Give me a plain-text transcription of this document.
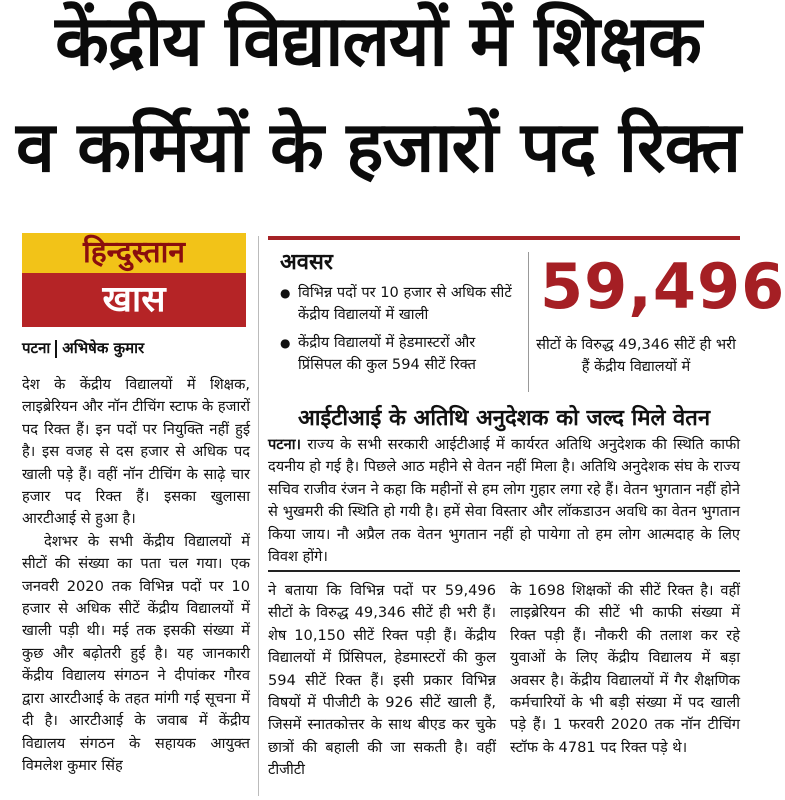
केंद्रीय विद्यालयों में शिक्षक
व कर्मियों के हजारों पद रिक्त
हिन्दुस्तान
खास
पटना अभिषेक कुमार

देश के केंद्रीय विद्यालयों में शिक्षक, लाइब्रेरियन और नॉन टीचिंग स्टाफ के हजारों पद रिक्त हैं। इन पदों पर नियुक्ति नहीं हुई है। इस वजह से दस हजार से अधिक पद खाली पड़े हैं। वहीं नॉन टीचिंग के साढ़े चार हजार पद रिक्त हैं। इसका खुलासा आरटीआई से हुआ है।

देशभर के सभी केंद्रीय विद्यालयों में सीटों की संख्या का पता चल गया। एक जनवरी 2020 तक विभिन्न पदों पर 10 हजार से अधिक सीटें केंद्रीय विद्यालयों में खाली पड़ी थी। मई तक इसकी संख्या में कुछ और बढ़ोतरी हुई है। यह जानकारी केंद्रीय विद्यालय संगठन ने दीपांकर गौरव द्वारा आरटीआई के तहत मांगी गई सूचना में दी है। आरटीआई के जवाब में केंद्रीय विद्यालय संगठन के सहायक आयुक्त विमलेश कुमार सिंह

अवसर
● विभिन्न पदों पर 10 हजार से अधिक सीटें केंद्रीय विद्यालयों में खाली
● केंद्रीय विद्यालयों में हेडमास्टरों और प्रिंसिपल की कुल 594 सीटें रिक्त
59,496
सीटों के विरुद्ध 49,346 सीटें ही भरी हैं केंद्रीय विद्यालयों में
आईटीआई के अतिथि अनुदेशक को जल्द मिले वेतन
पटना। राज्य के सभी सरकारी आईटीआई में कार्यरत अतिथि अनुदेशक की स्थिति काफी दयनीय हो गई है। पिछले आठ महीने से वेतन नहीं मिला है। अतिथि अनुदेशक संघ के राज्य सचिव राजीव रंजन ने कहा कि महीनों से हम लोग गुहार लगा रहे हैं। वेतन भुगतान नहीं होने से भुखमरी की स्थिति हो गयी है। हमें सेवा विस्तार और लॉकडाउन अवधि का वेतन भुगतान किया जाय। नौ अप्रैल तक वेतन भुगतान नहीं हो पायेगा तो हम लोग आत्मदाह के लिए विवश होंगे।

ने बताया कि विभिन्न पदों पर 59,496 सीटों के विरुद्ध 49,346 सीटें ही भरी हैं। शेष 10,150 सीटें रिक्त पड़ी हैं। केंद्रीय विद्यालयों में प्रिंसिपल, हेडमास्टरों की कुल 594 सीटें रिक्त हैं। इसी प्रकार विभिन्न विषयों में पीजीटी के 926 सीटें खाली हैं, जिसमें स्नातकोत्तर के साथ बीएड कर चुके छात्रों की बहाली की जा सकती है। वहीं टीजीटी

के 1698 शिक्षकों की सीटें रिक्त है। वहीं लाइब्रेरियन की सीटें भी काफी संख्या में रिक्त पड़ी हैं। नौकरी की तलाश कर रहे युवाओं के लिए केंद्रीय विद्यालय में बड़ा अवसर है। केंद्रीय विद्यालयों में गैर शैक्षणिक कर्मचारियों के भी बड़ी संख्या में पद खाली पड़े हैं। 1 फरवरी 2020 तक नॉन टीचिंग स्टॉफ के 4781 पद रिक्त पड़े थे।
